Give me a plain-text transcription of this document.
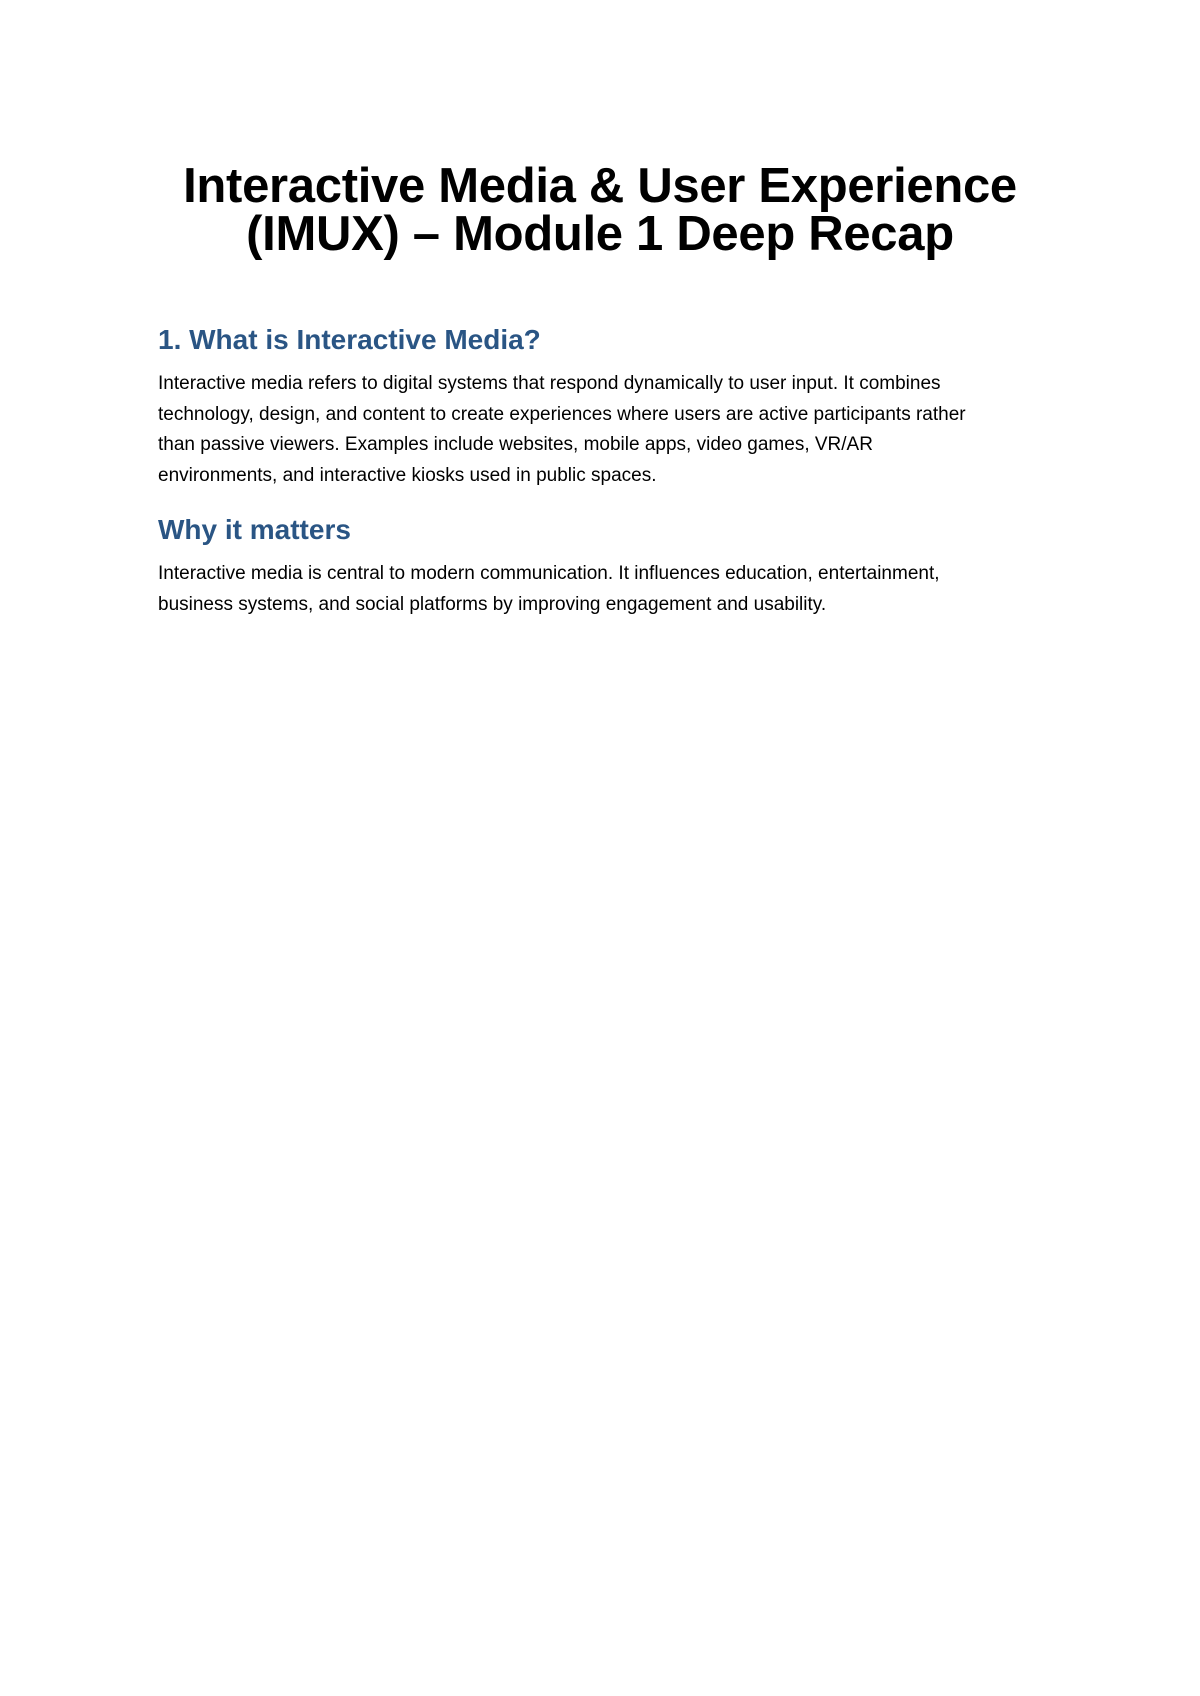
Interactive Media & User Experience
(IMUX) – Module 1 Deep Recap
1. What is Interactive Media?

Interactive media refers to digital systems that respond dynamically to user input. It combines
technology, design, and content to create experiences where users are active participants rather
than passive viewers. Examples include websites, mobile apps, video games, VR/AR
environments, and interactive kiosks used in public spaces.

Why it matters

Interactive media is central to modern communication. It influences education, entertainment,
business systems, and social platforms by improving engagement and usability.
